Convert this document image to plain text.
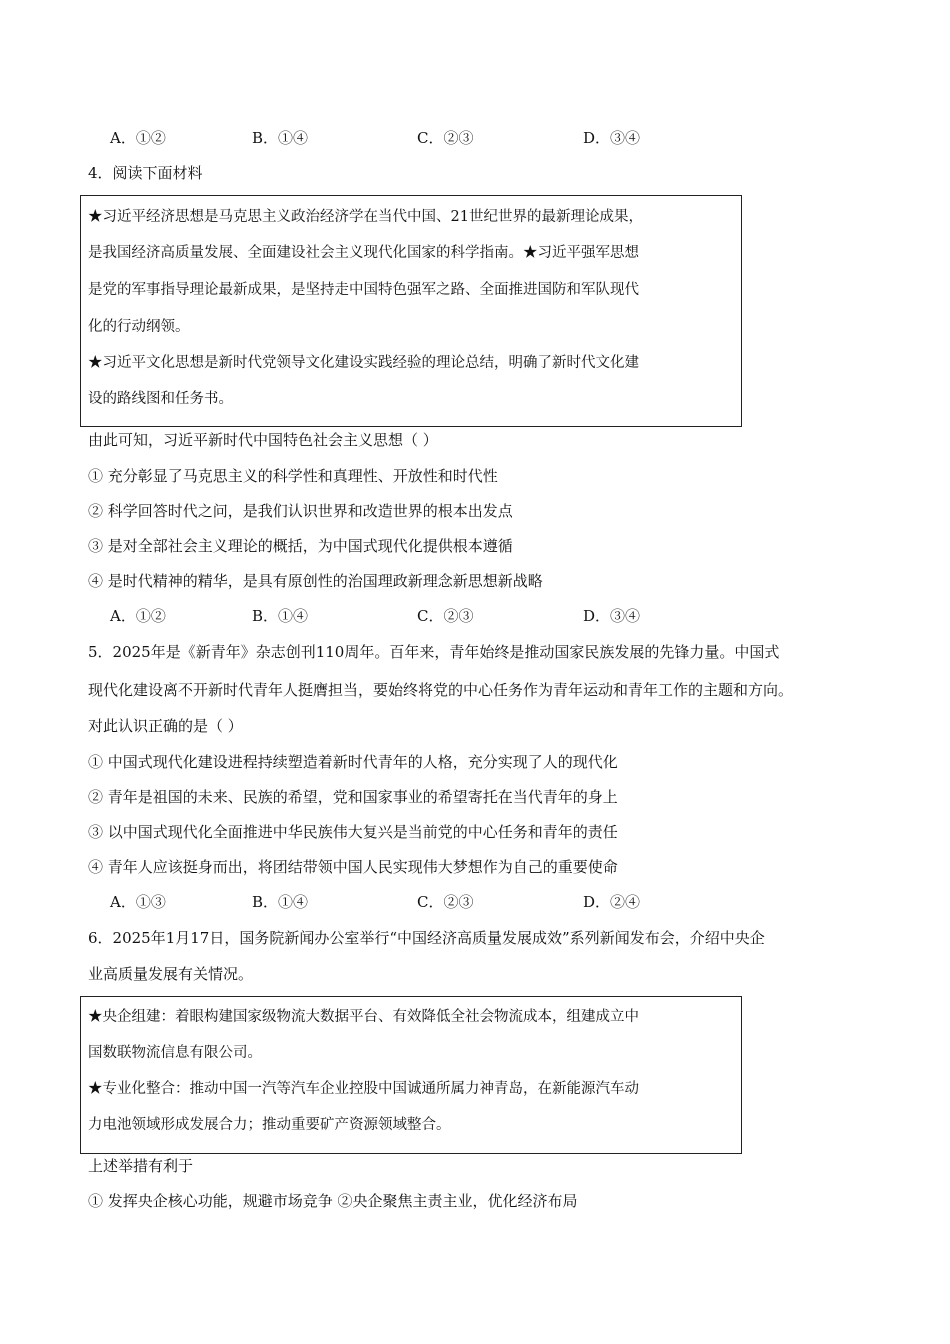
A．①②	B．①④	C．②③	D．③④
4．阅读下面材料
★习近平经济思想是马克思主义政治经济学在当代中国、21世纪世界的最新理论成果，
是我国经济高质量发展、全面建设社会主义现代化国家的科学指南。★习近平强军思想
是党的军事指导理论最新成果，是坚持走中国特色强军之路、全面推进国防和军队现代
化的行动纲领。
★习近平文化思想是新时代党领导文化建设实践经验的理论总结，明确了新时代文化建
设的路线图和任务书。
由此可知，习近平新时代中国特色社会主义思想（ ）
① 充分彰显了马克思主义的科学性和真理性、开放性和时代性
② 科学回答时代之问，是我们认识世界和改造世界的根本出发点
③ 是对全部社会主义理论的概括，为中国式现代化提供根本遵循
④ 是时代精神的精华，是具有原创性的治国理政新理念新思想新战略
A．①②	B．①④	C．②③	D．③④
5．2025年是《新青年》杂志创刊110周年。百年来，青年始终是推动国家民族发展的先锋力量。中国式
现代化建设离不开新时代青年人挺膺担当，要始终将党的中心任务作为青年运动和青年工作的主题和方向。
对此认识正确的是（ ）
① 中国式现代化建设进程持续塑造着新时代青年的人格，充分实现了人的现代化
② 青年是祖国的未来、民族的希望，党和国家事业的希望寄托在当代青年的身上
③ 以中国式现代化全面推进中华民族伟大复兴是当前党的中心任务和青年的责任
④ 青年人应该挺身而出，将团结带领中国人民实现伟大梦想作为自己的重要使命
A．①③	B．①④	C．②③	D．②④
6．2025年1月17日，国务院新闻办公室举行“中国经济高质量发展成效”系列新闻发布会，介绍中央企
业高质量发展有关情况。
★央企组建：着眼构建国家级物流大数据平台、有效降低全社会物流成本，组建成立中
国数联物流信息有限公司。
★专业化整合：推动中国一汽等汽车企业控股中国诚通所属力神青岛，在新能源汽车动
力电池领域形成发展合力；推动重要矿产资源领域整合。
上述举措有利于
① 发挥央企核心功能，规避市场竞争 ②央企聚焦主责主业，优化经济布局
